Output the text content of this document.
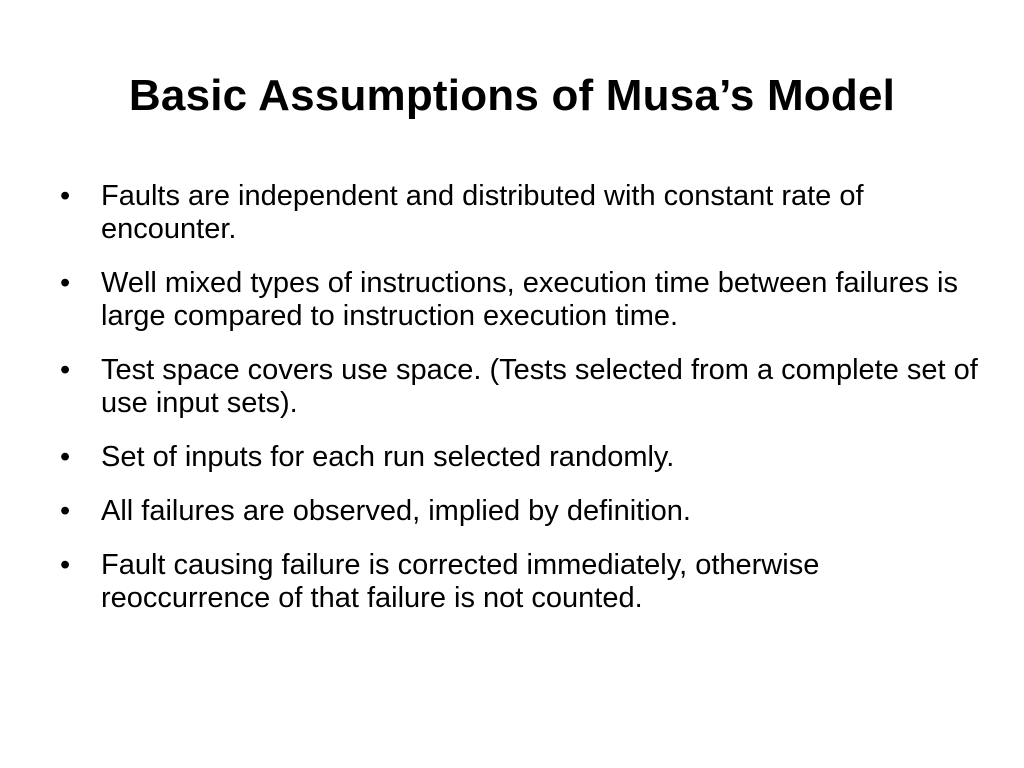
Basic Assumptions of Musa’s Model
•	Faults are independent and distributed with constant rate of encounter.
•	Well mixed types of instructions, execution time between failures is large compared to instruction execution time.
•	Test space covers use space. (Tests selected from a complete set of use input sets).
•	Set of inputs for each run selected randomly.
•	All failures are observed, implied by definition.
•	Fault causing failure is corrected immediately, otherwise reoccurrence of that failure is not counted.
